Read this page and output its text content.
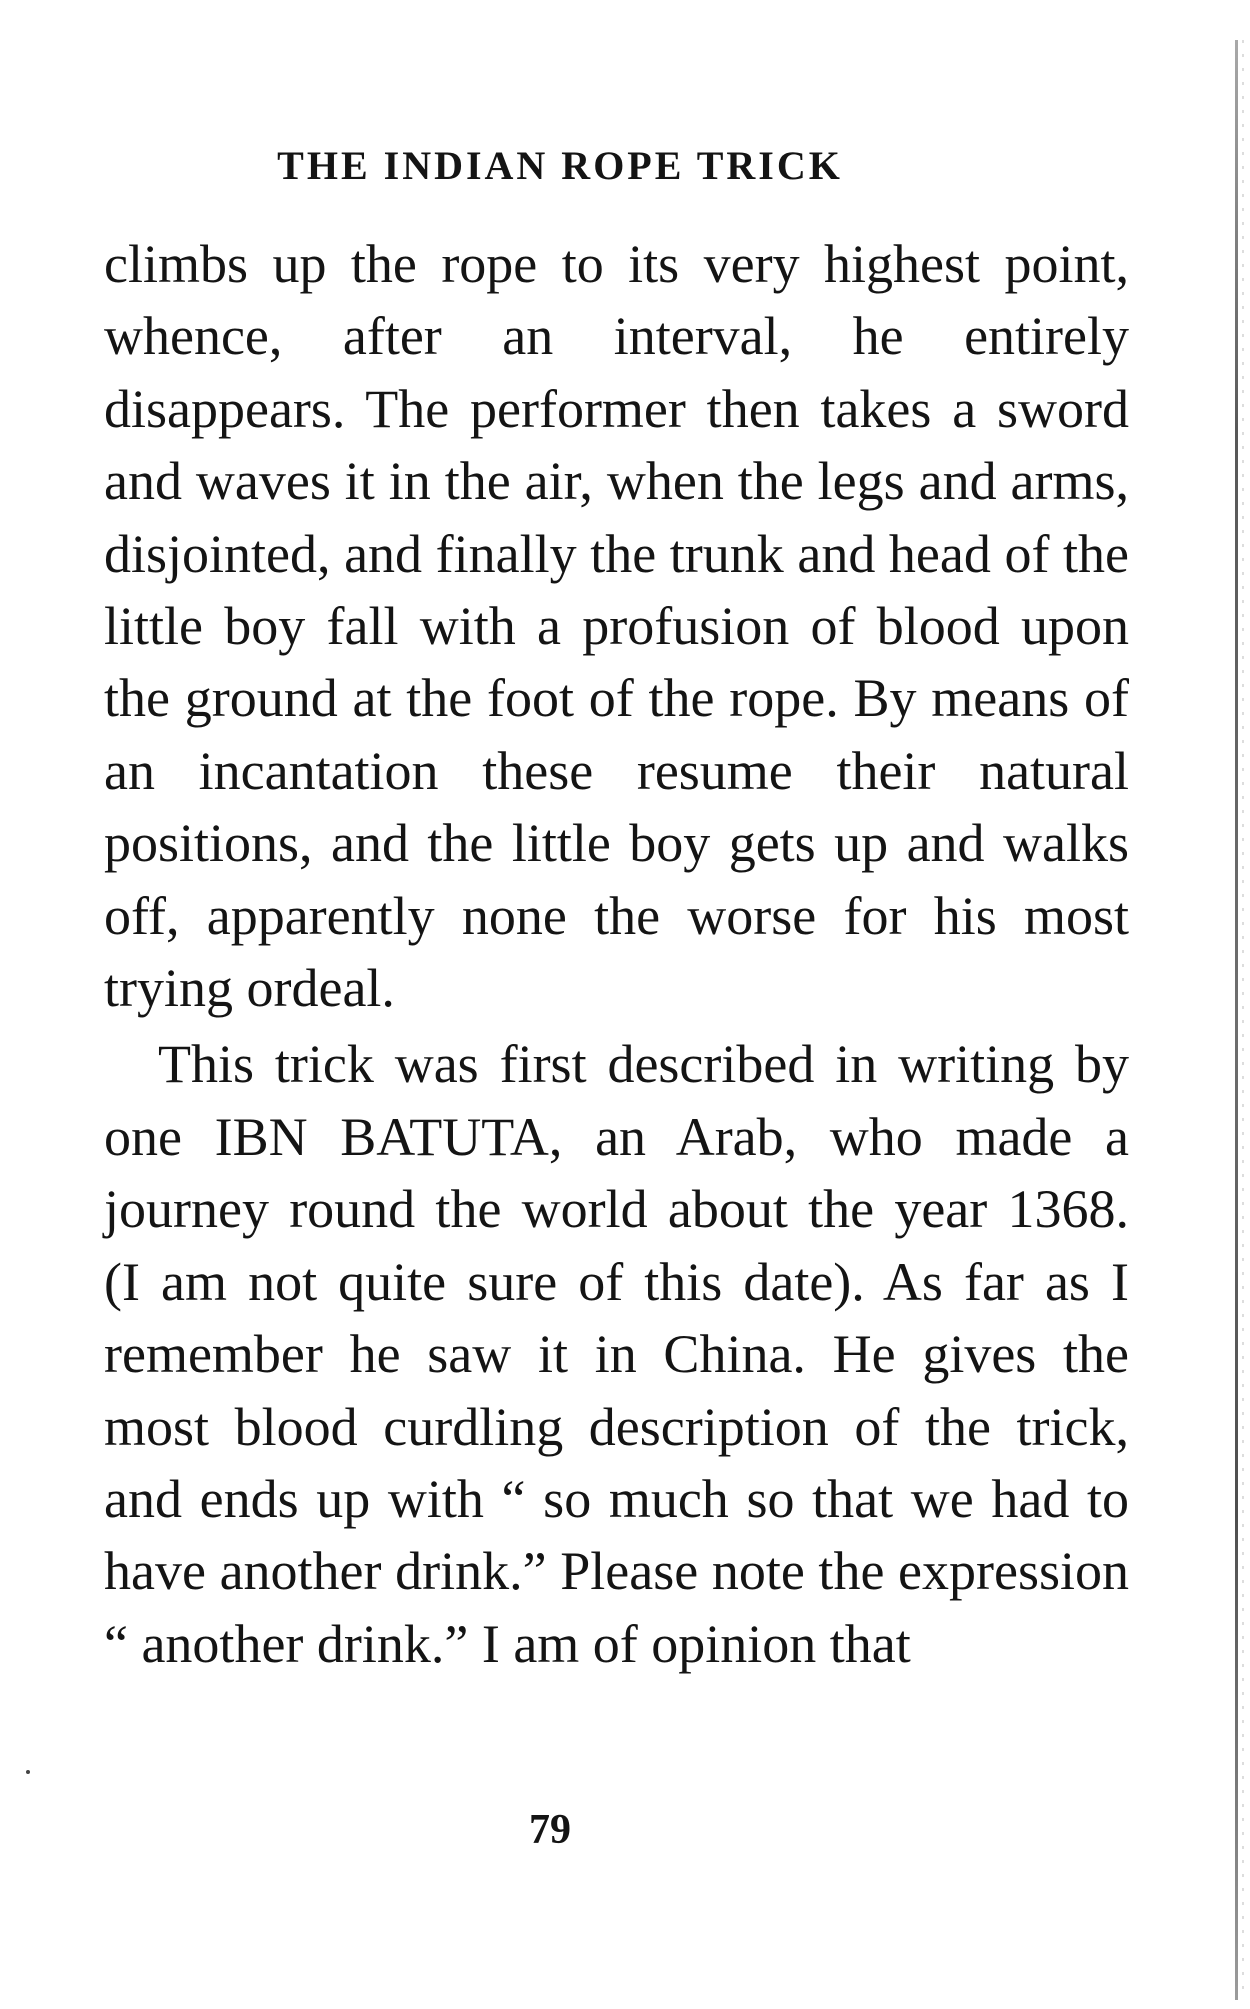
THE INDIAN ROPE TRICK

climbs up the rope to its very highest point, whence, after an interval, he entirely disappears. The performer then takes a sword and waves it in the air, when the legs and arms, disjointed, and finally the trunk and head of the little boy fall with a profusion of blood upon the ground at the foot of the rope. By means of an incantation these resume their natural positions, and the little boy gets up and walks off, apparently none the worse for his most trying ordeal.

This trick was first described in writing by one IBN BATUTA, an Arab, who made a journey round the world about the year 1368. (I am not quite sure of this date). As far as I remember he saw it in China. He gives the most blood curdling description of the trick, and ends up with “ so much so that we had to have another drink.” Please note the expression “ another drink.” I am of opinion that

79
